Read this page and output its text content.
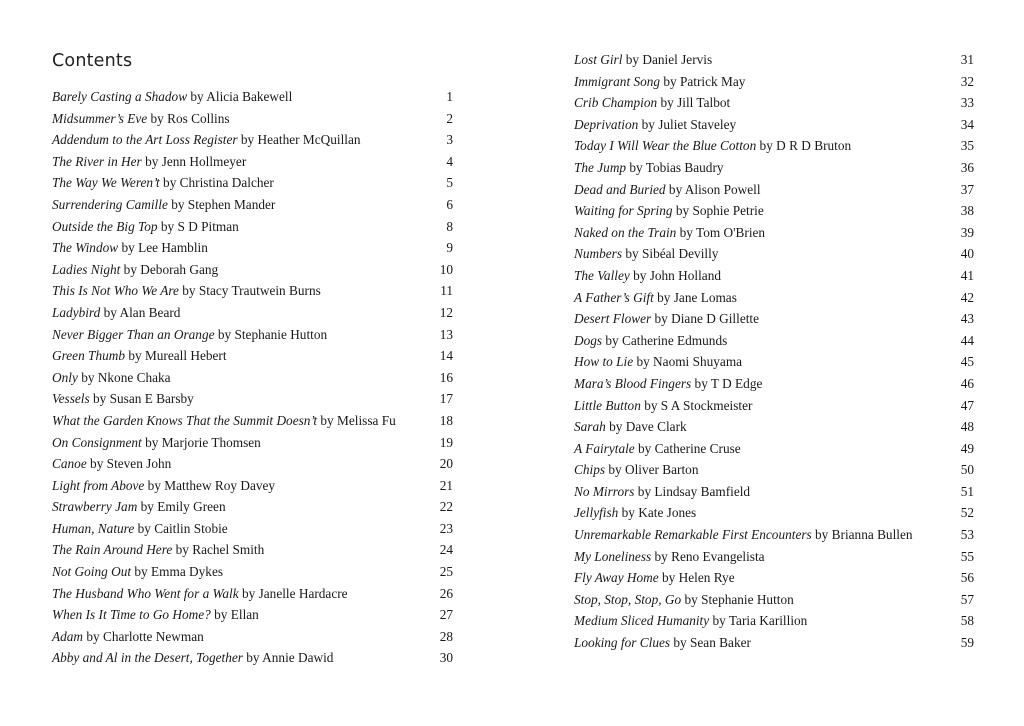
Contents
Barely Casting a Shadow by Alicia Bakewell	1
Midsummer’s Eve by Ros Collins	2
Addendum to the Art Loss Register by Heather McQuillan	3
The River in Her by Jenn Hollmeyer	4
The Way We Weren’t by Christina Dalcher	5
Surrendering Camille by Stephen Mander	6
Outside the Big Top by S D Pitman	8
The Window by Lee Hamblin	9
Ladies Night by Deborah Gang	10
This Is Not Who We Are by Stacy Trautwein Burns	11
Ladybird by Alan Beard	12
Never Bigger Than an Orange by Stephanie Hutton	13
Green Thumb by Mureall Hebert	14
Only by Nkone Chaka	16
Vessels by Susan E Barsby	17
What the Garden Knows That the Summit Doesn’t by Melissa Fu	18
On Consignment by Marjorie Thomsen	19
Canoe by Steven John	20
Light from Above by Matthew Roy Davey	21
Strawberry Jam by Emily Green	22
Human, Nature by Caitlin Stobie	23
The Rain Around Here by Rachel Smith	24
Not Going Out by Emma Dykes	25
The Husband Who Went for a Walk by Janelle Hardacre	26
When Is It Time to Go Home? by Ellan	27
Adam by Charlotte Newman	28
Abby and Al in the Desert, Together by Annie Dawid	30
Lost Girl by Daniel Jervis	31
Immigrant Song by Patrick May	32
Crib Champion by Jill Talbot	33
Deprivation by Juliet Staveley	34
Today I Will Wear the Blue Cotton by D R D Bruton	35
The Jump by Tobias Baudry	36
Dead and Buried by Alison Powell	37
Waiting for Spring by Sophie Petrie	38
Naked on the Train by Tom O'Brien	39
Numbers by Sibéal Devilly	40
The Valley by John Holland	41
A Father’s Gift by Jane Lomas	42
Desert Flower by Diane D Gillette	43
Dogs by Catherine Edmunds	44
How to Lie by Naomi Shuyama	45
Mara’s Blood Fingers by T D Edge	46
Little Button by S A Stockmeister	47
Sarah by Dave Clark	48
A Fairytale by Catherine Cruse	49
Chips by Oliver Barton	50
No Mirrors by Lindsay Bamfield	51
Jellyfish by Kate Jones	52
Unremarkable Remarkable First Encounters by Brianna Bullen	53
My Loneliness by Reno Evangelista	55
Fly Away Home by Helen Rye	56
Stop, Stop, Stop, Go by Stephanie Hutton	57
Medium Sliced Humanity by Taria Karillion	58
Looking for Clues by Sean Baker	59
